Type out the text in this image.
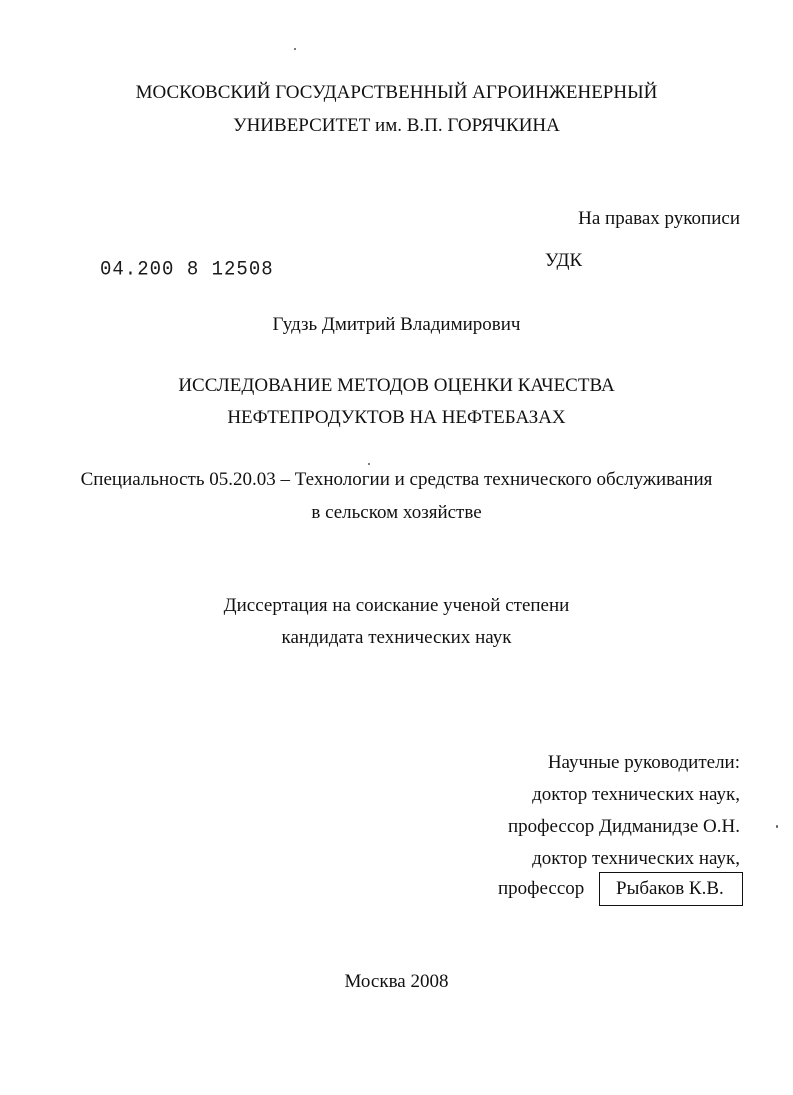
МОСКОВСКИЙ ГОСУДАРСТВЕННЫЙ АГРОИНЖЕНЕРНЫЙ
УНИВЕРСИТЕТ им. В.П. ГОРЯЧКИНА
На правах рукописи
04.200 8 12508	УДК
Гудзь Дмитрий Владимирович
ИССЛЕДОВАНИЕ МЕТОДОВ ОЦЕНКИ КАЧЕСТВА
НЕФТЕПРОДУКТОВ НА НЕФТЕБАЗАХ
Специальность 05.20.03 – Технологии и средства технического обслуживания
в сельском хозяйстве
Диссертация на соискание ученой степени
кандидата технических наук
Научные руководители:
доктор технических наук,
профессор Дидманидзе О.Н.
доктор технических наук,
профессор	Рыбаков К.В.
Москва 2008
